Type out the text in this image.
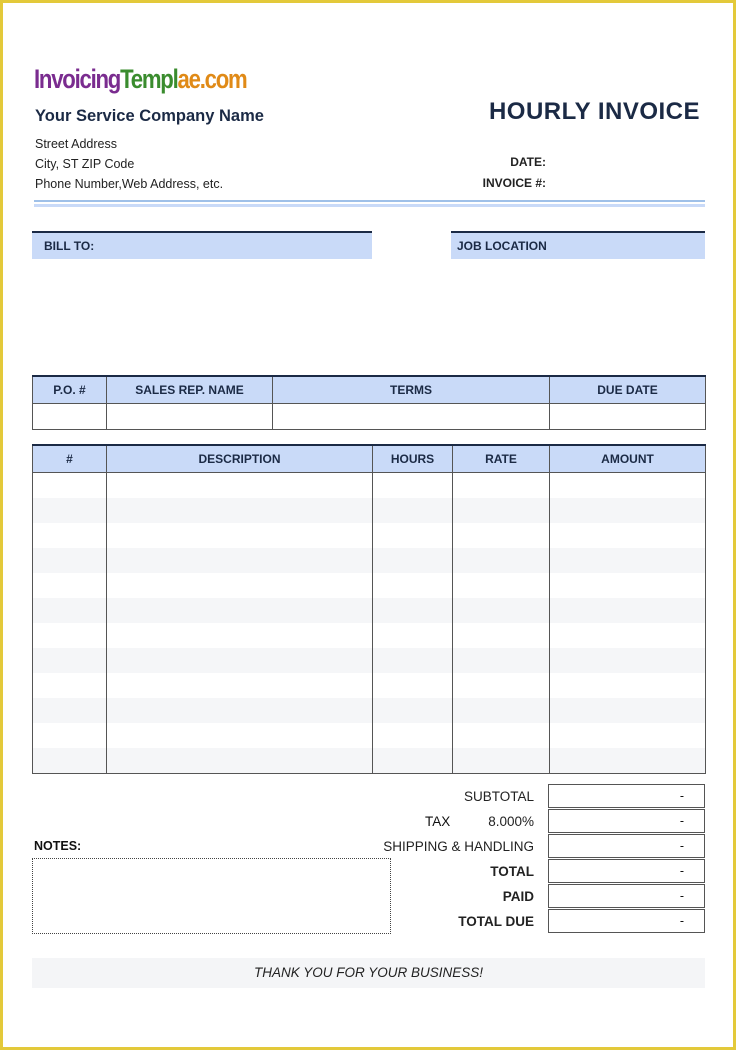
InvoicingTemplae.com
Your Service Company Name
Street Address
City, ST ZIP Code
Phone Number,Web Address, etc.
HOURLY INVOICE
DATE:
INVOICE #:
BILL TO:	JOB LOCATION
P.O. #	SALES REP. NAME	TERMS	DUE DATE

#	DESCRIPTION	HOURS	RATE	AMOUNT

SUBTOTAL	-
TAX	8.000%	-
SHIPPING & HANDLING	-
TOTAL	-
PAID	-
TOTAL DUE	-
NOTES:
THANK YOU FOR YOUR BUSINESS!
